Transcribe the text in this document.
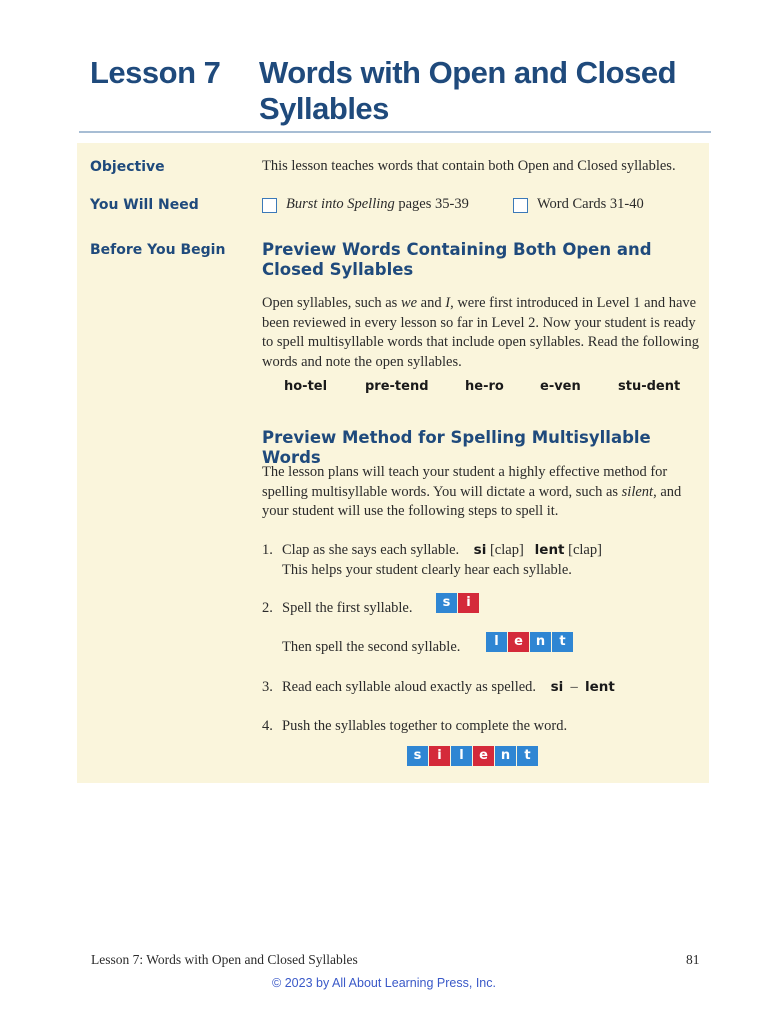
Lesson 7 Words with Open and Closed Syllables
Objective	This lesson teaches words that contain both Open and Closed syllables.
You Will Need	Burst into Spelling pages 35-39	Word Cards 31-40
Before You Begin Preview Words Containing Both Open and Closed Syllables
Open syllables, such as we and I, were first introduced in Level 1 and have been reviewed in every lesson so far in Level 2. Now your student is ready to spell multisyllable words that include open syllables. Read the following words and note the open syllables.
ho-tel	pre-tend	he-ro	e-ven	stu-dent
Preview Method for Spelling Multisyllable Words
The lesson plans will teach your student a highly effective method for spelling multisyllable words. You will dictate a word, such as silent, and your student will use the following steps to spell it.
1. Clap as she says each syllable. si [clap] lent [clap]
This helps your student clearly hear each syllable.
2. Spell the first syllable.	s	i
Then spell the second syllable.	l	e n	t
3. Read each syllable aloud exactly as spelled. si – lent
4. Push the syllables together to complete the word.
s	i	l	e n	t
Lesson 7: Words with Open and Closed Syllables	81
© 2023 by All About Learning Press, Inc.
